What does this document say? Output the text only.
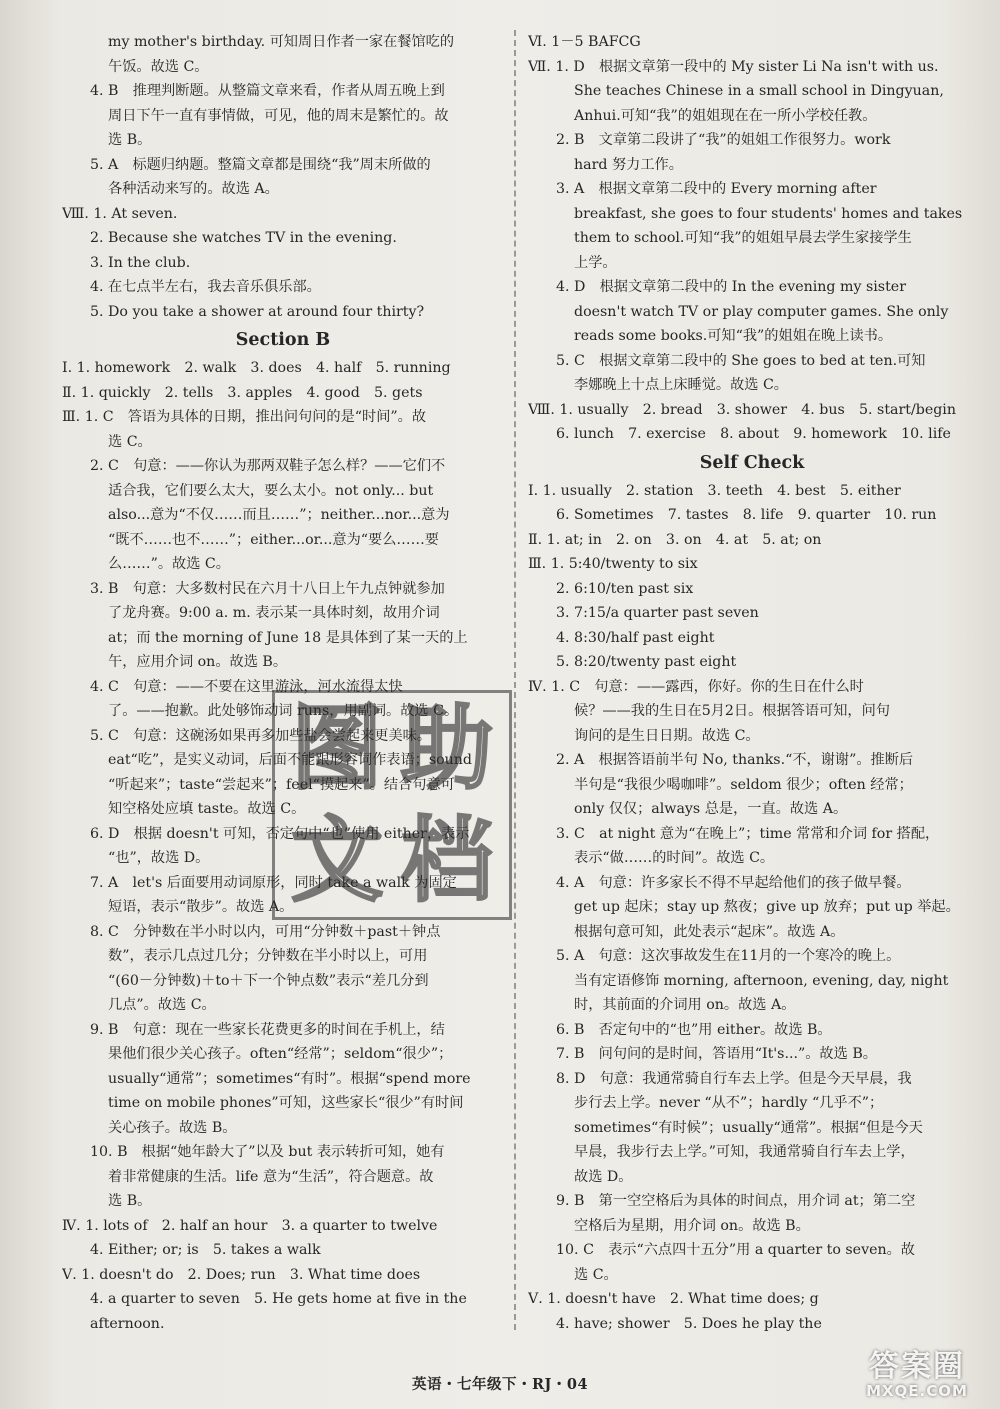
my mother's birthday. 可知周日作者一家在餐馆吃的
午饭。故选 C。
4. B　推理判断题。从整篇文章来看，作者从周五晚上到
周日下午一直有事情做，可见，他的周末是繁忙的。故
选 B。
5. A　标题归纳题。整篇文章都是围绕“我”周末所做的
各种活动来写的。故选 A。
Ⅷ. 1. At seven.
2. Because she watches TV in the evening.
3. In the club.
4. 在七点半左右，我去音乐俱乐部。
5. Do you take a shower at around four thirty?
Section B
Ⅰ. 1. homework　2. walk　3. does　4. half　5. running
Ⅱ. 1. quickly　2. tells　3. apples　4. good　5. gets
Ⅲ. 1. C　答语为具体的日期，推出问句问的是“时间”。故
选 C。
2. C　句意：——你认为那两双鞋子怎么样？——它们不
适合我，它们要么太大，要么太小。not only... but
also...意为“不仅……而且……”；neither...nor...意为
“既不……也不……”；either...or...意为“要么……要
么……”。故选 C。
3. B　句意：大多数村民在六月十八日上午九点钟就参加
了龙舟赛。9:00 a. m. 表示某一具体时刻，故用介词
at；而 the morning of June 18 是具体到了某一天的上
午，应用介词 on。故选 B。
4. C　句意：——不要在这里游泳，河水流得太快
了。——抱歉。此处够饰动词 runs，用副词。故选 C。
5. C　句意：这碗汤如果再多加些盐会尝起来更美味。
eat“吃”，是实义动词，后面不能跟形容词作表语；sound
“听起来”；taste“尝起来”；feel“摸起来”。结合句意可
知空格处应填 taste。故选 C。
6. D　根据 doesn't 可知，否定句中“也”使用 either，表示
“也”，故选 D。
7. A　let's 后面要用动词原形，同时 take a walk 为固定
短语，表示“散步”。故选 A。
8. C　分钟数在半小时以内，可用“分钟数＋past＋钟点
数”，表示几点过几分；分钟数在半小时以上，可用
“(60－分钟数)＋to＋下一个钟点数”表示“差几分到
几点”。故选 C。
9. B　句意：现在一些家长花费更多的时间在手机上，结
果他们很少关心孩子。often“经常”；seldom“很少”；
usually“通常”；sometimes“有时”。根据“spend more
time on mobile phones”可知，这些家长“很少”有时间
关心孩子。故选 B。
10. B　根据“她年龄大了”以及 but 表示转折可知，她有
着非常健康的生活。life 意为“生活”，符合题意。故
选 B。
Ⅳ. 1. lots of　2. half an hour　3. a quarter to twelve
4. Either; or; is　5. takes a walk
Ⅴ. 1. doesn't do　2. Does; run　3. What time does
4. a quarter to seven　5. He gets home at five in the
afternoon.
Ⅵ. 1－5 BAFCG
Ⅶ. 1. D　根据文章第一段中的 My sister Li Na isn't with us.
She teaches Chinese in a small school in Dingyuan,
Anhui.可知“我”的姐姐现在在一所小学校任教。
2. B　文章第二段讲了“我”的姐姐工作很努力。work
hard 努力工作。
3. A　根据文章第二段中的 Every morning after
breakfast, she goes to four students' homes and takes
them to school.可知“我”的姐姐早晨去学生家接学生
上学。
4. D　根据文章第二段中的 In the evening my sister
doesn't watch TV or play computer games. She only
reads some books.可知“我”的姐姐在晚上读书。
5. C　根据文章第二段中的 She goes to bed at ten.可知
李娜晚上十点上床睡觉。故选 C。
Ⅷ. 1. usually　2. bread　3. shower　4. bus　5. start/begin
6. lunch　7. exercise　8. about　9. homework　10. life
Self Check
Ⅰ. 1. usually　2. station　3. teeth　4. best　5. either
6. Sometimes　7. tastes　8. life　9. quarter　10. run
Ⅱ. 1. at; in　2. on　3. on　4. at　5. at; on
Ⅲ. 1. 5:40/twenty to six
2. 6:10/ten past six
3. 7:15/a quarter past seven
4. 8:30/half past eight
5. 8:20/twenty past eight
Ⅳ. 1. C　句意：——露西，你好。你的生日在什么时
候？——我的生日在5月2日。根据答语可知，问句
询问的是生日日期。故选 C。
2. A　根据答语前半句 No, thanks.“不，谢谢”。推断后
半句是“我很少喝咖啡”。seldom 很少；often 经常；
only 仅仅；always 总是，一直。故选 A。
3. C　at night 意为“在晚上”；time 常常和介词 for 搭配，
表示“做……的时间”。故选 C。
4. A　句意：许多家长不得不早起给他们的孩子做早餐。
get up 起床；stay up 熬夜；give up 放弃；put up 举起。
根据句意可知，此处表示“起床”。故选 A。
5. A　句意：这次事故发生在11月的一个寒冷的晚上。
当有定语修饰 morning, afternoon, evening, day, night
时，其前面的介词用 on。故选 A。
6. B　否定句中的“也”用 either。故选 B。
7. B　问句问的是时间，答语用“It's...”。故选 B。
8. D　句意：我通常骑自行车去上学。但是今天早晨，我
步行去上学。never “从不”；hardly “几乎不”；
sometimes“有时候”；usually“通常”。根据“但是今天
早晨，我步行去上学。”可知，我通常骑自行车去上学，
故选 D。
9. B　第一空空格后为具体的时间点，用介词 at；第二空
空格后为星期，用介词 on。故选 B。
10. C　表示“六点四十五分”用 a quarter to seven。故
选 C。
Ⅴ. 1. doesn't have　2. What time does; g
4. have; shower　5. Does he play the
图 助
文 档
答案圈
MXQE.COM
英语・七年级下・RJ・04
